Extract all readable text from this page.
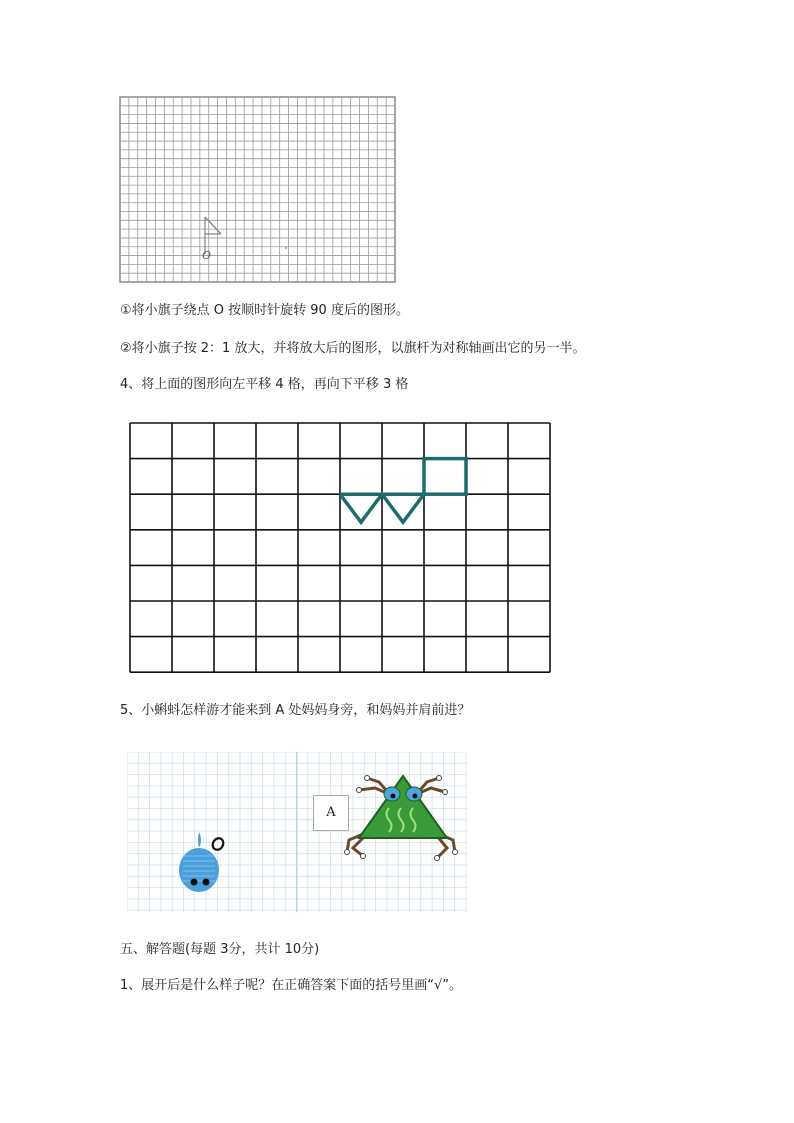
O
①将小旗子绕点 O 按顺时针旋转 90 度后的图形。
②将小旗子按 2：1 放大，并将放大后的图形，以旗杆为对称轴画出它的另一半。
4、将上面的图形向左平移 4 格，再向下平移 3 格
5、小蝌蚪怎样游才能来到 A 处妈妈身旁，和妈妈并肩前进？
A
五、解答题(每题 3分，共计 10分)
1、展开后是什么样子呢？在正确答案下面的括号里画“√”。
